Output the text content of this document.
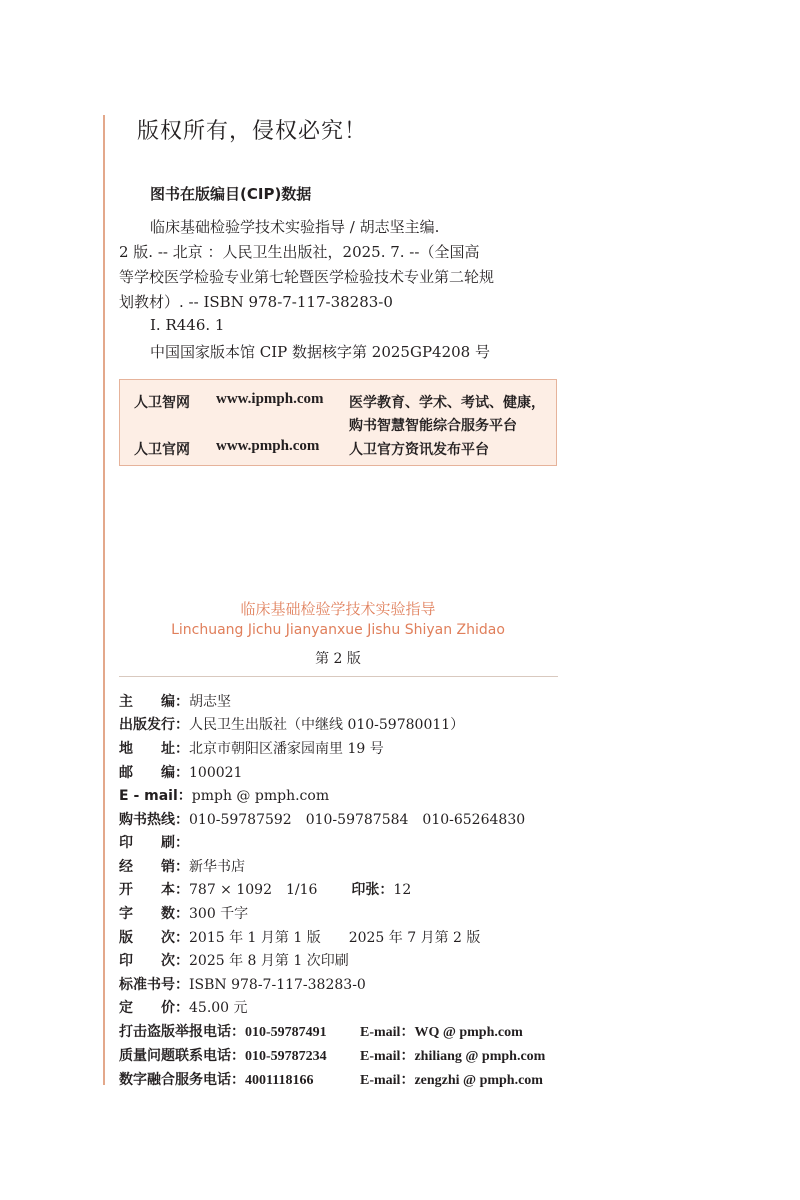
版权所有，侵权必究！
图书在版编目(CIP)数据
临床基础检验学技术实验指导 / 胡志坚主编.
2 版. -- 北京 ：人民卫生出版社，2025. 7. --（全国高
等学校医学检验专业第七轮暨医学检验技术专业第二轮规
划教材）. -- ISBN 978-7-117-38283-0
Ⅰ. R446. 1
中国国家版本馆 CIP 数据核字第 2025GP4208 号
人卫智网 www.ipmph.com 医学教育、学术、考试、健康，
购书智慧智能综合服务平台
人卫官网 www.pmph.com 人卫官方资讯发布平台
临床基础检验学技术实验指导
Linchuang Jichu Jianyanxue Jishu Shiyan Zhidao
第 2 版
主　　编：胡志坚
出版发行：人民卫生出版社（中继线 010-59780011）
地　　址：北京市朝阳区潘家园南里 19 号
邮　　编：100021
E - mail：pmph @ pmph.com
购书热线：010-59787592　010-59787584　010-65264830
印　　刷：
经　　销：新华书店
开　　本：787 × 1092　1/16 印张：12
字　　数：300 千字
版　　次：2015 年 1 月第 1 版　　2025 年 7 月第 2 版
印　　次：2025 年 8 月第 1 次印刷
标准书号：ISBN 978-7-117-38283-0
定　　价：45.00 元
打击盗版举报电话：010-59787491 E-mail：WQ @ pmph.com
质量问题联系电话：010-59787234 E-mail：zhiliang @ pmph.com
数字融合服务电话：4001118166	E-mail：zengzhi @ pmph.com
